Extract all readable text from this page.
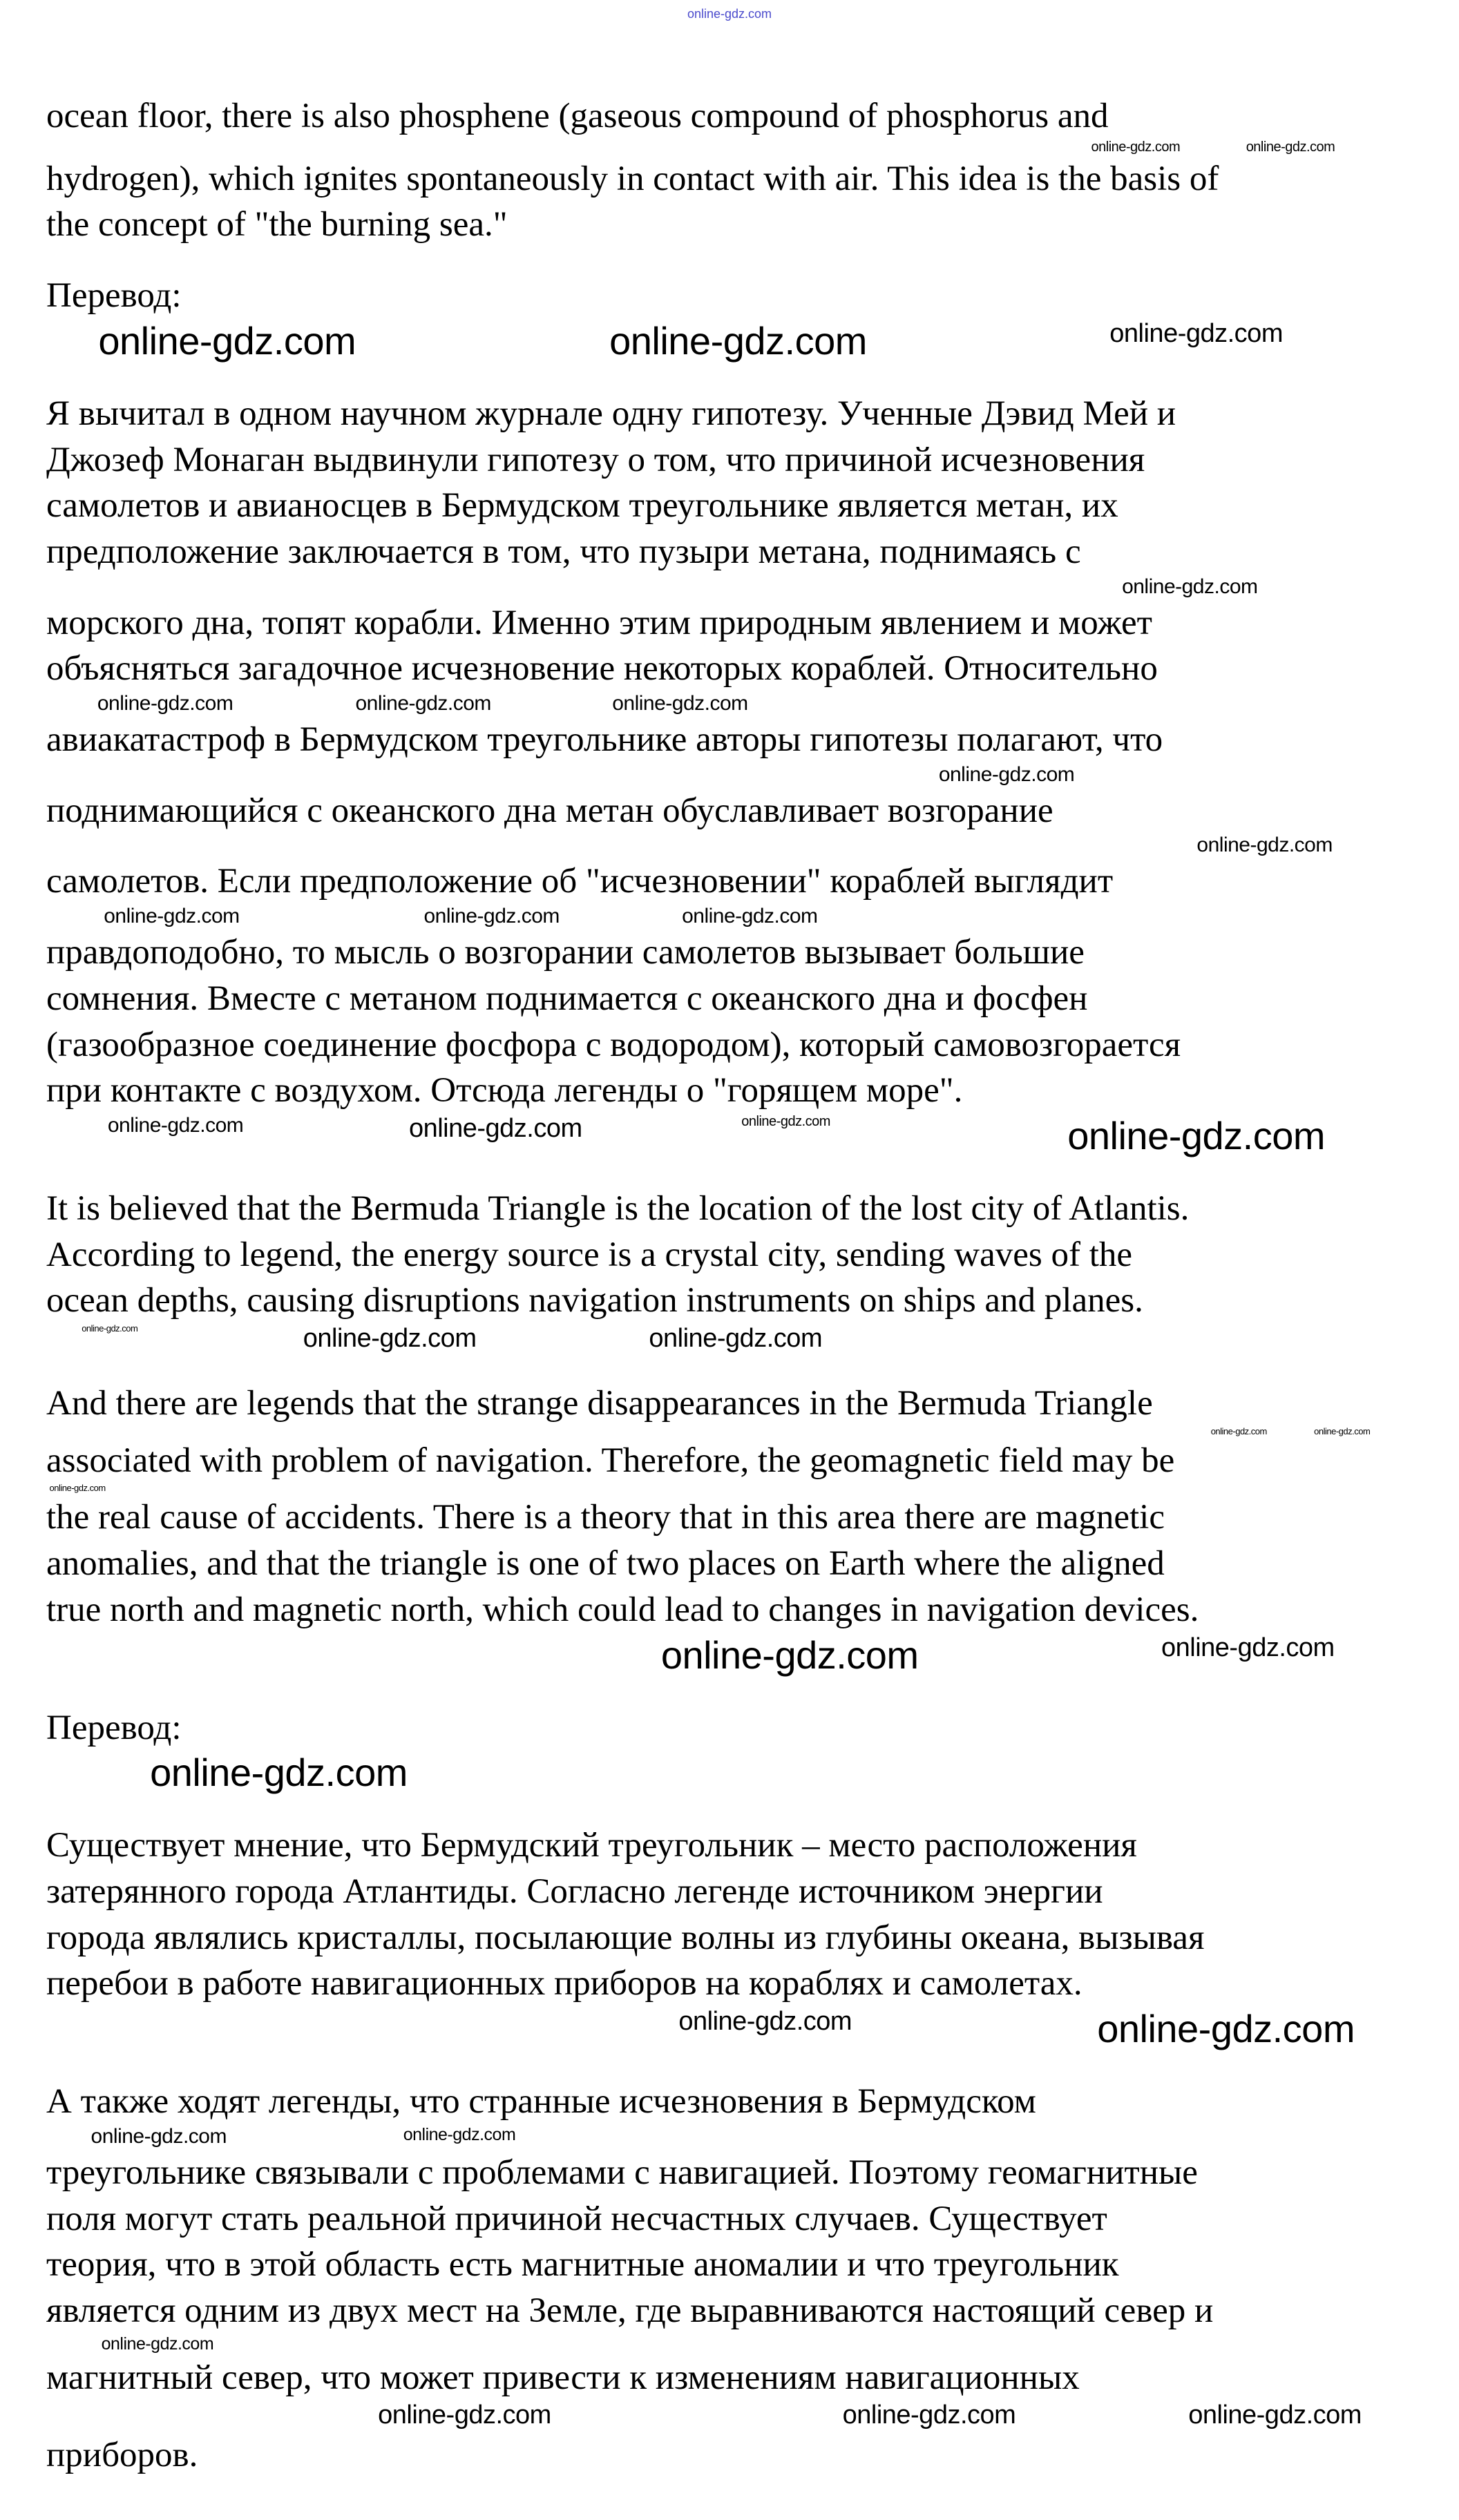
online-gdz.com
ocean floor, there is also phosphene (gaseous compound of phosphorus and
online-gdz.com	online-gdz.com
hydrogen), which ignites spontaneously in contact with air. This idea is the basis of
the concept of "the burning sea."
Перевод:
online-gdz.com	online-gdz.com	online-gdz.com
Я вычитал в одном научном журнале одну гипотезу. Ученные Дэвид Мей и
Джозеф Монаган выдвинули гипотезу о том, что причиной исчезновения
самолетов и авианосцев в Бермудском треугольнике является метан, их
предположение заключается в том, что пузыри метана, поднимаясь с
online-gdz.com
морского дна, топят корабли. Именно этим природным явлением и может
объясняться загадочное исчезновение некоторых кораблей. Относительно
online-gdz.com	online-gdz.com	online-gdz.com
авиакатастроф в Бермудском треугольнике авторы гипотезы полагают, что
online-gdz.com
поднимающийся с океанского дна метан обуславливает возгорание
online-gdz.com
самолетов. Если предположение об "исчезновении" кораблей выглядит
online-gdz.com	online-gdz.com	online-gdz.com
правдоподобно, то мысль о возгорании самолетов вызывает большие
сомнения. Вместе с метаном поднимается с океанского дна и фосфен
(газообразное соединение фосфора с водородом), который самовозгорается
при контакте с воздухом. Отсюда легенды о "горящем море".
online-gdz.com	online-gdz.com	online-gdz.com	online-gdz.com
It is believed that the Bermuda Triangle is the location of the lost city of Atlantis.
According to legend, the energy source is a crystal city, sending waves of the
ocean depths, causing disruptions navigation instruments on ships and planes.
online-gdz.com	online-gdz.com	online-gdz.com
And there are legends that the strange disappearances in the Bermuda Triangle
online-gdz.com	online-gdz.com
associated with problem of navigation. Therefore, the geomagnetic field may be
online-gdz.com
the real cause of accidents. There is a theory that in this area there are magnetic
anomalies, and that the triangle is one of two places on Earth where the aligned
true north and magnetic north, which could lead to changes in navigation devices.
online-gdz.com	online-gdz.com
Перевод:
online-gdz.com
Существует мнение, что Бермудский треугольник – место расположения
затерянного города Атлантиды. Согласно легенде источником энергии
города являлись кристаллы, посылающие волны из глубины океана, вызывая
перебои в работе навигационных приборов на кораблях и самолетах.
online-gdz.com	online-gdz.com
А также ходят легенды, что странные исчезновения в Бермудском
online-gdz.com	online-gdz.com
треугольнике связывали с проблемами с навигацией. Поэтому геомагнитные
поля могут стать реальной причиной несчастных случаев. Существует
теория, что в этой область есть магнитные аномалии и что треугольник
является одним из двух мест на Земле, где выравниваются настоящий север и
online-gdz.com
магнитный север, что может привести к изменениям навигационных
online-gdz.com	online-gdz.com	online-gdz.com
приборов.
